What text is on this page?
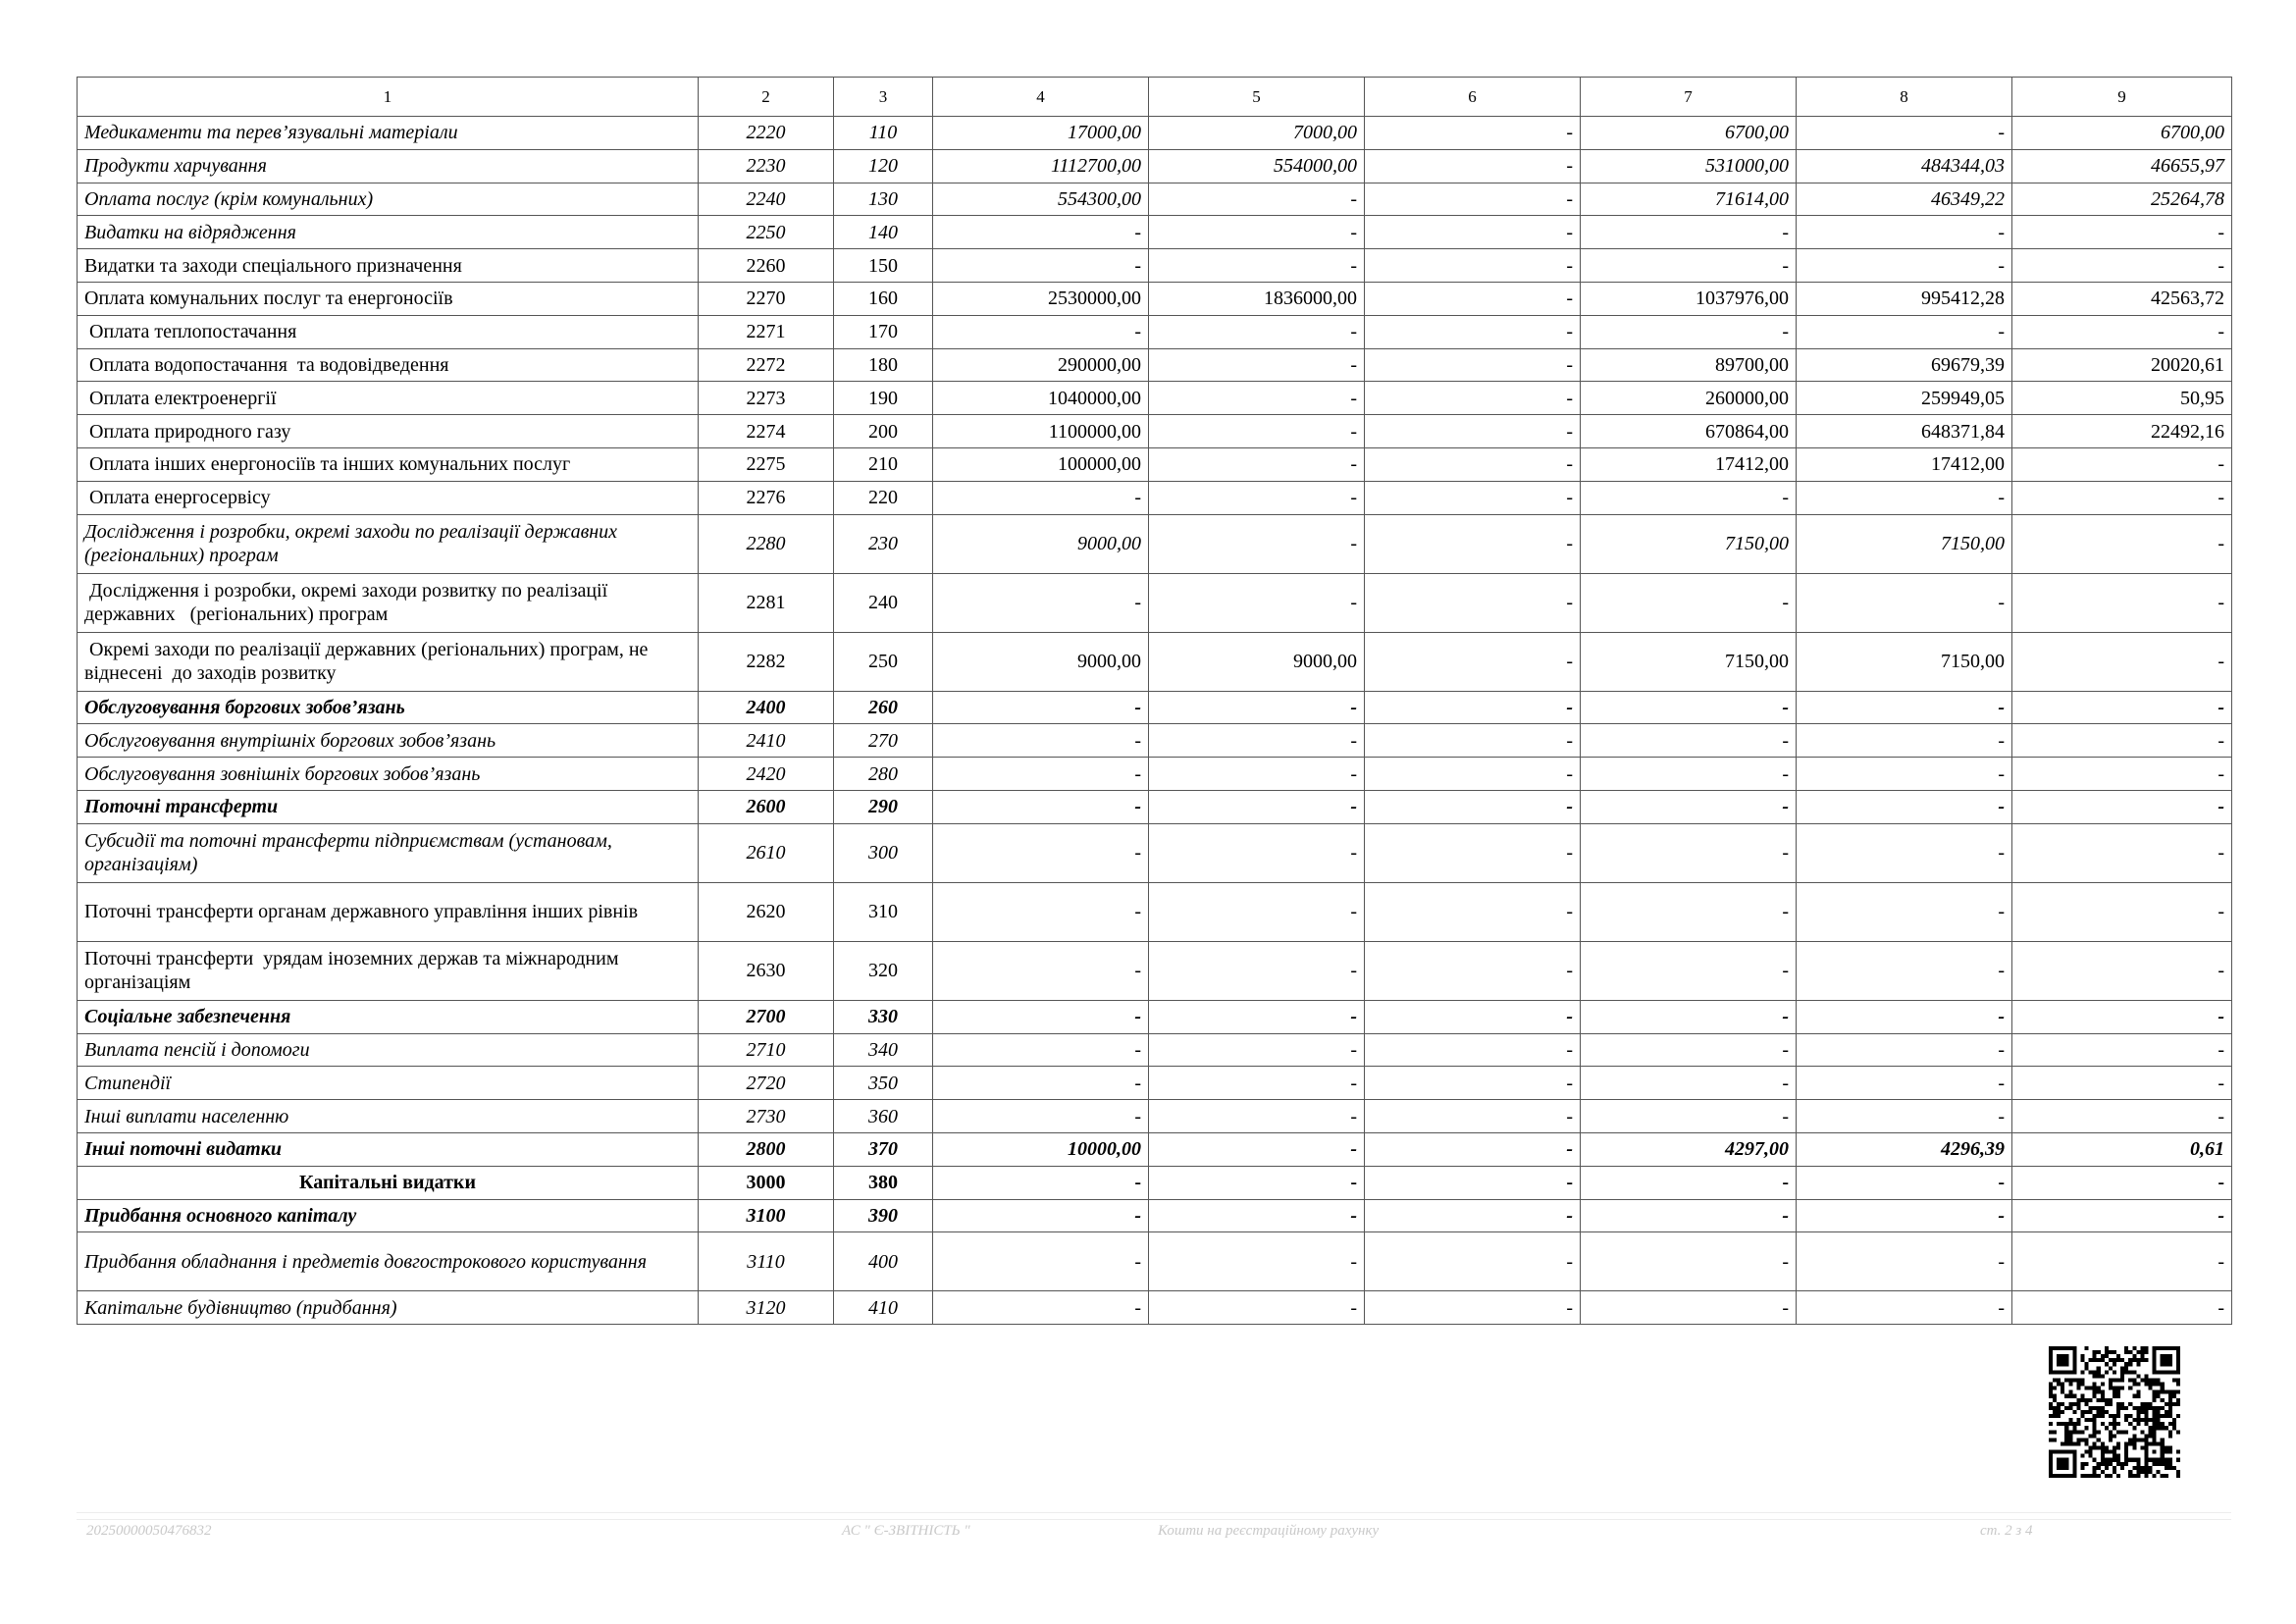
1	2	3	4	5	6	7	8	9
Медикаменти та перев’язувальні матеріали	2220	110	17000,00	7000,00	-	6700,00	-	6700,00
Продукти харчування	2230	120	1112700,00	554000,00	-	531000,00	484344,03	46655,97
Оплата послуг (крім комунальних)	2240	130	554300,00	-	-	71614,00	46349,22	25264,78
Видатки на відрядження	2250	140	-	-	-	-	-	-
Видатки та заходи спеціального призначення	2260	150	-	-	-	-	-	-
Оплата комунальних послуг та енергоносіїв	2270	160	2530000,00	1836000,00	-	1037976,00	995412,28	42563,72
Оплата теплопостачання	2271	170	-	-	-	-	-	-
Оплата водопостачання  та водовідведення	2272	180	290000,00	-	-	89700,00	69679,39	20020,61
Оплата електроенергії	2273	190	1040000,00	-	-	260000,00	259949,05	50,95
Оплата природного газу	2274	200	1100000,00	-	-	670864,00	648371,84	22492,16
Оплата інших енергоносіїв та інших комунальних послуг	2275	210	100000,00	-	-	17412,00	17412,00	-
Оплата енергосервісу	2276	220	-	-	-	-	-	-
Дослідження і розробки, окремі заходи по реалізації державних (регіональних) програм	2280	230	9000,00	-	-	7150,00	7150,00	-
Дослідження і розробки, окремі заходи розвитку по реалізації державних   (регіональних) програм	2281	240	-	-	-	-	-	-
Окремі заходи по реалізації державних (регіональних) програм, не віднесені  до заходів розвитку	2282	250	9000,00	9000,00	-	7150,00	7150,00	-
Обслуговування боргових зобов’язань	2400	260	-	-	-	-	-	-
Обслуговування внутрішніх боргових зобов’язань	2410	270	-	-	-	-	-	-
Обслуговування зовнішніх боргових зобов’язань	2420	280	-	-	-	-	-	-
Поточні трансферти	2600	290	-	-	-	-	-	-
Субсидії та поточні трансферти підприємствам (установам, організаціям)	2610	300	-	-	-	-	-	-
Поточні трансферти органам державного управління інших рівнів	2620	310	-	-	-	-	-	-
Поточні трансферти  урядам іноземних держав та міжнародним організаціям	2630	320	-	-	-	-	-	-
Соціальне забезпечення	2700	330	-	-	-	-	-	-
Виплата пенсій і допомоги	2710	340	-	-	-	-	-	-
Стипендії	2720	350	-	-	-	-	-	-
Інші виплати населенню	2730	360	-	-	-	-	-	-
Інші поточні видатки	2800	370	10000,00	-	-	4297,00	4296,39	0,61
Капітальні видатки	3000	380	-	-	-	-	-	-
Придбання основного капіталу	3100	390	-	-	-	-	-	-
Придбання обладнання і предметів довгострокового користування	3110	400	-	-	-	-	-	-
Капітальне будівництво (придбання)	3120	410	-	-	-	-	-	-
20250000050476832	АС " Є-ЗВІТНІСТЬ "	Кошти на реєстраційному рахунку	ст. 2 з 4
